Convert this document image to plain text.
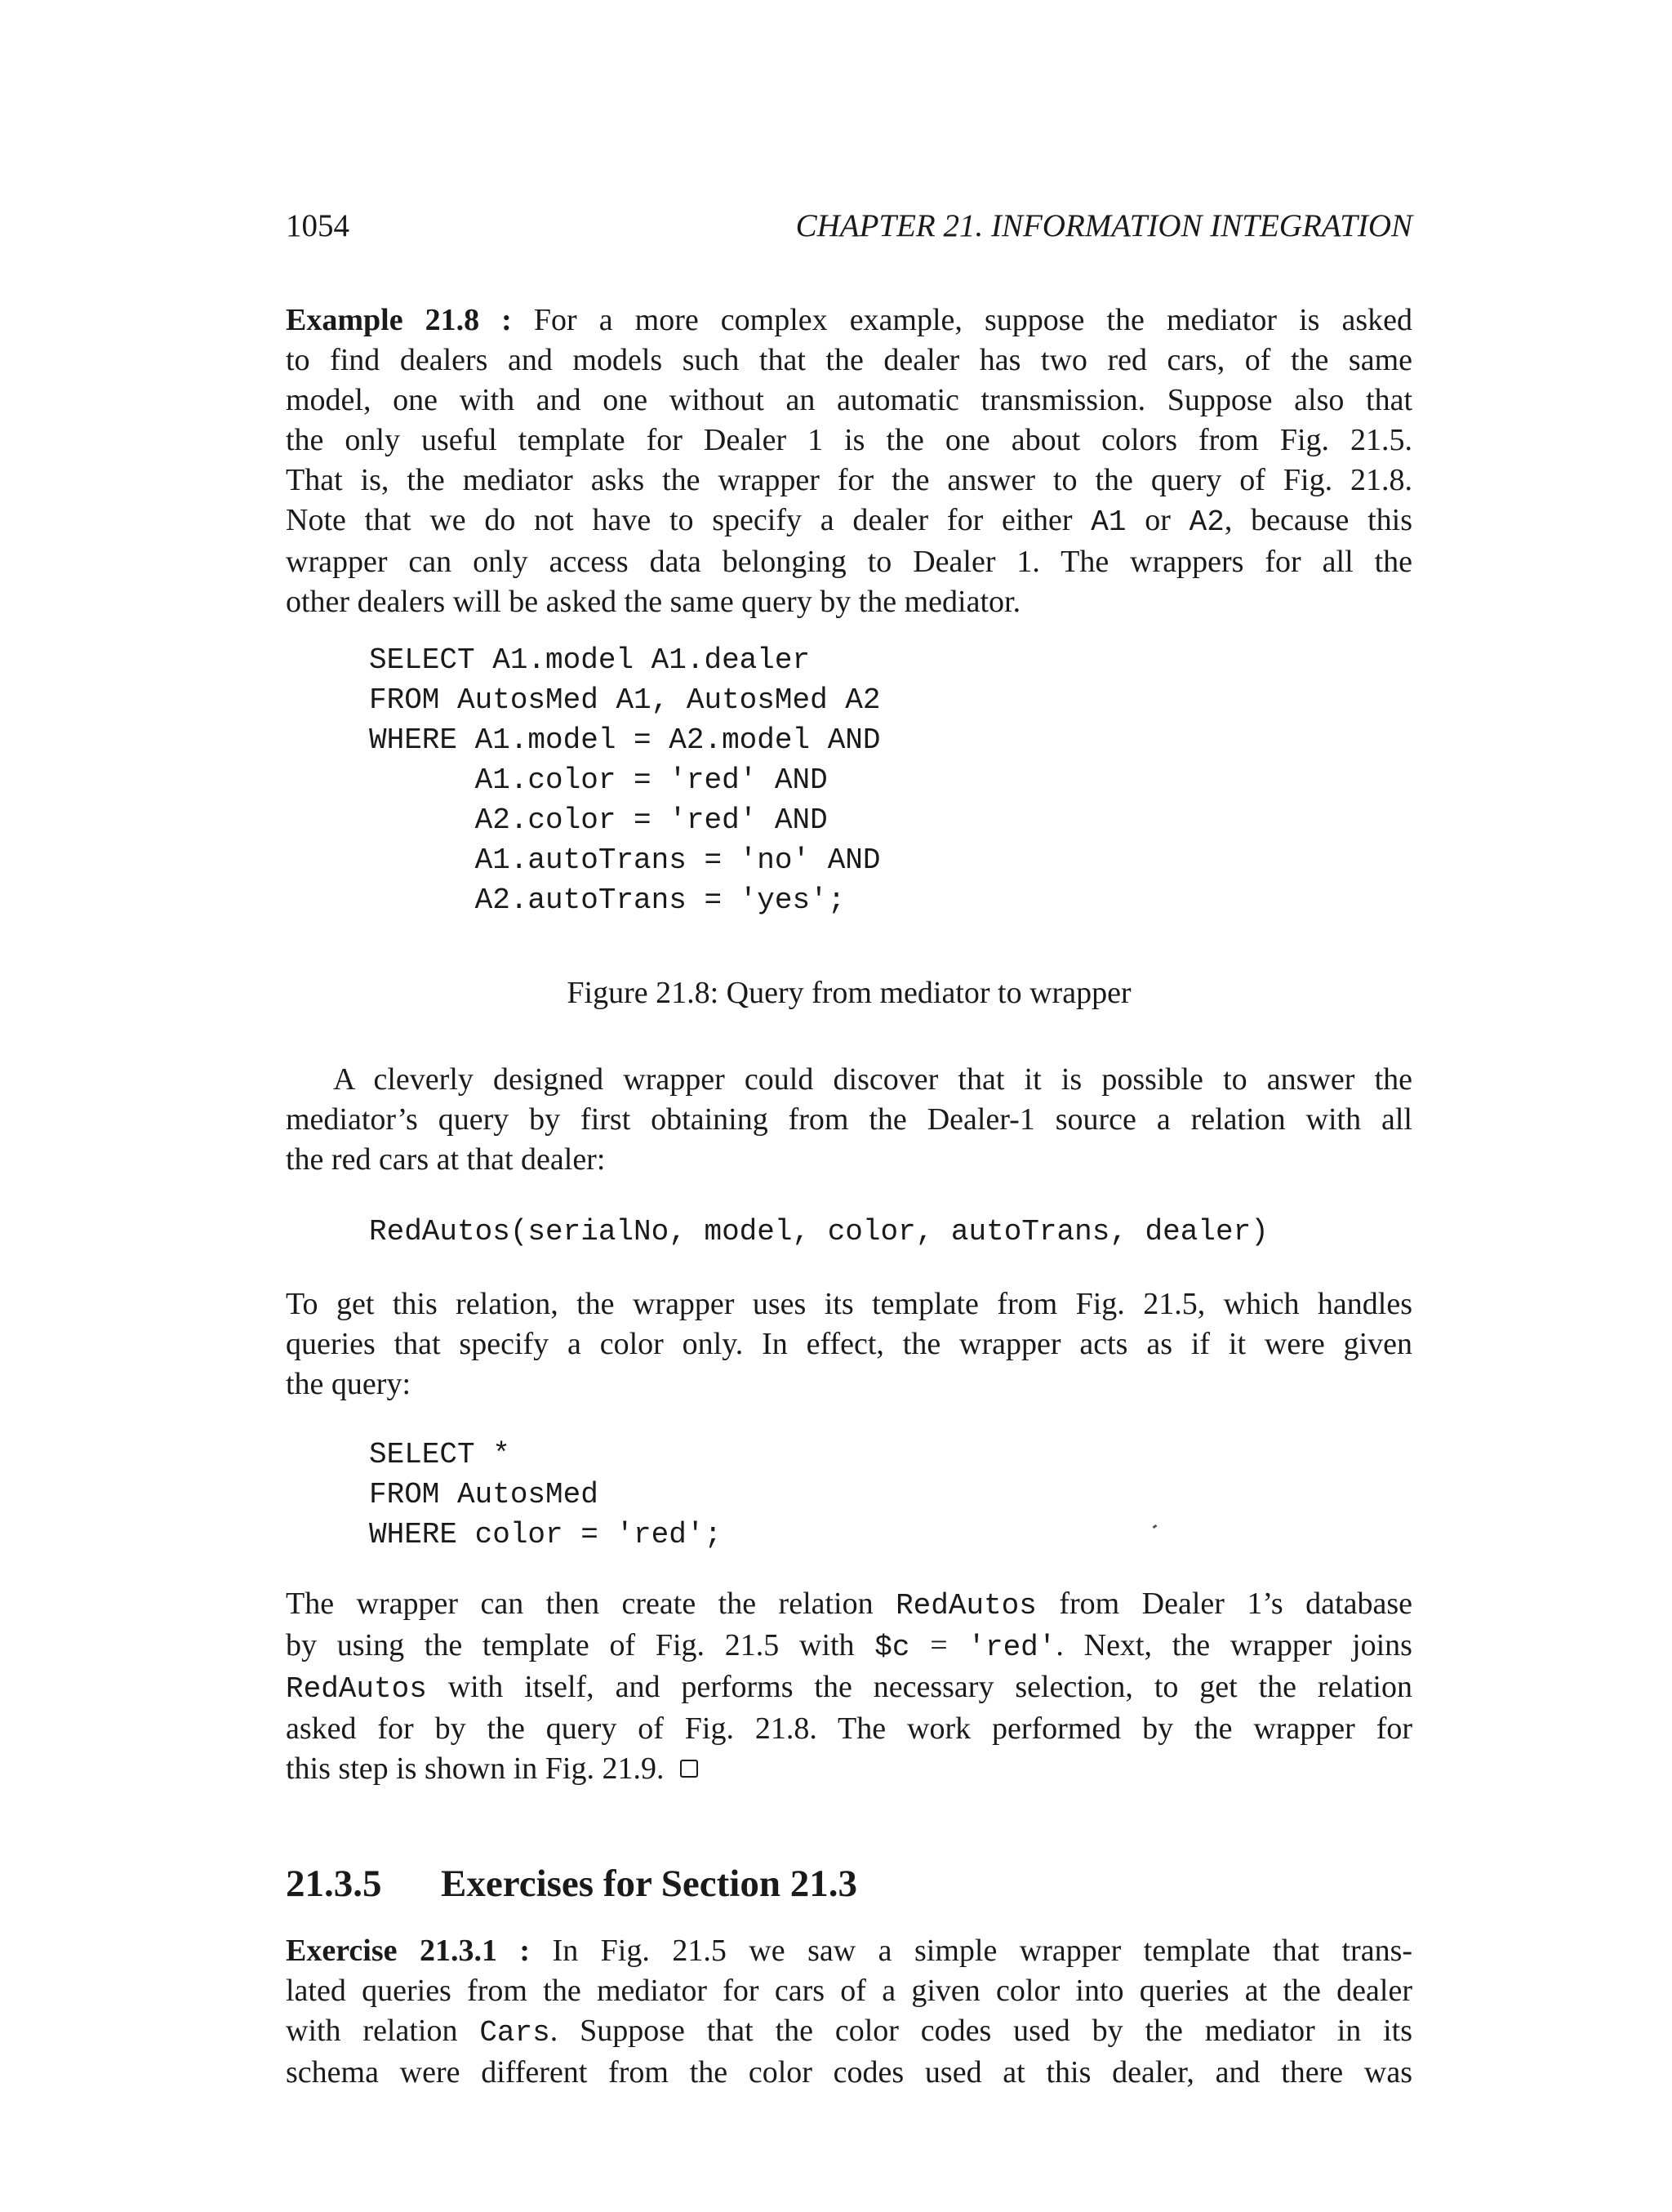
1054	CHAPTER 21. INFORMATION INTEGRATION
Example 21.8 : For a more complex example, suppose the mediator is asked
to find dealers and models such that the dealer has two red cars, of the same
model, one with and one without an automatic transmission. Suppose also that
the only useful template for Dealer 1 is the one about colors from Fig. 21.5.
That is, the mediator asks the wrapper for the answer to the query of Fig. 21.8.
Note that we do not have to specify a dealer for either A1 or A2, because this
wrapper can only access data belonging to Dealer 1. The wrappers for all the
other dealers will be asked the same query by the mediator.
SELECT A1.model A1.dealer
FROM AutosMed A1, AutosMed A2
WHERE A1.model = A2.model AND
A1.color = 'red' AND
A2.color = 'red' AND
A1.autoTrans = 'no' AND
A2.autoTrans = 'yes';
Figure 21.8: Query from mediator to wrapper
A cleverly designed wrapper could discover that it is possible to answer the
mediator’s query by first obtaining from the Dealer-1 source a relation with all
the red cars at that dealer:
RedAutos(serialNo, model, color, autoTrans, dealer)
To get this relation, the wrapper uses its template from Fig. 21.5, which handles
queries that specify a color only. In effect, the wrapper acts as if it were given
the query:
SELECT *
FROM AutosMed
WHERE color = 'red';
The wrapper can then create the relation RedAutos from Dealer 1’s database
by using the template of Fig. 21.5 with $c = 'red'. Next, the wrapper joins
RedAutos with itself, and performs the necessary selection, to get the relation
asked for by the query of Fig. 21.8. The work performed by the wrapper for
this step is shown in Fig. 21.9.
21.3.5 Exercises for Section 21.3
Exercise 21.3.1 : In Fig. 21.5 we saw a simple wrapper template that trans-
lated queries from the mediator for cars of a given color into queries at the dealer
with relation Cars. Suppose that the color codes used by the mediator in its
schema were different from the color codes used at this dealer, and there was
